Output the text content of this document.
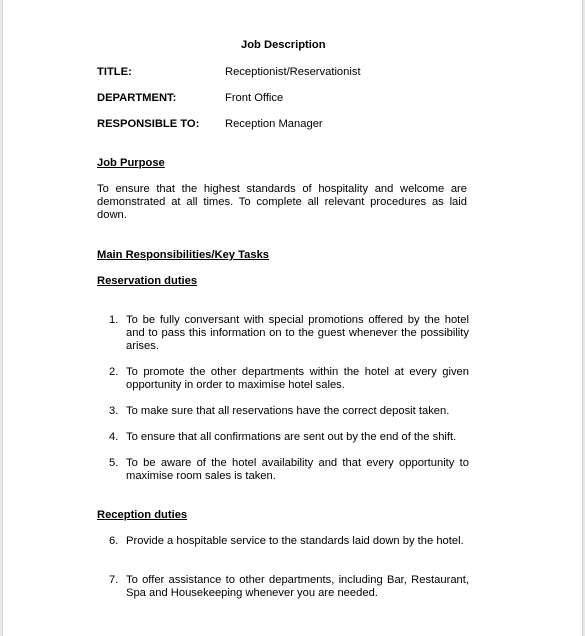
Job Description
TITLE:	Receptionist/Reservationist
DEPARTMENT:	Front Office
RESPONSIBLE TO: Reception Manager
Job Purpose
To ensure that the highest standards of hospitality and welcome are demonstrated at all times. To complete all relevant procedures as laid down.
Main Responsibilities/Key Tasks
Reservation duties
1. To be fully conversant with special promotions offered by the hotel and to pass this information on to the guest whenever the possibility arises.
2. To promote the other departments within the hotel at every given opportunity in order to maximise hotel sales.
3. To make sure that all reservations have the correct deposit taken.
4. To ensure that all confirmations are sent out by the end of the shift.
5. To be aware of the hotel availability and that every opportunity to maximise room sales is taken.
Reception duties
6. Provide a hospitable service to the standards laid down by the hotel.
7. To offer assistance to other departments, including Bar, Restaurant, Spa and Housekeeping whenever you are needed.
